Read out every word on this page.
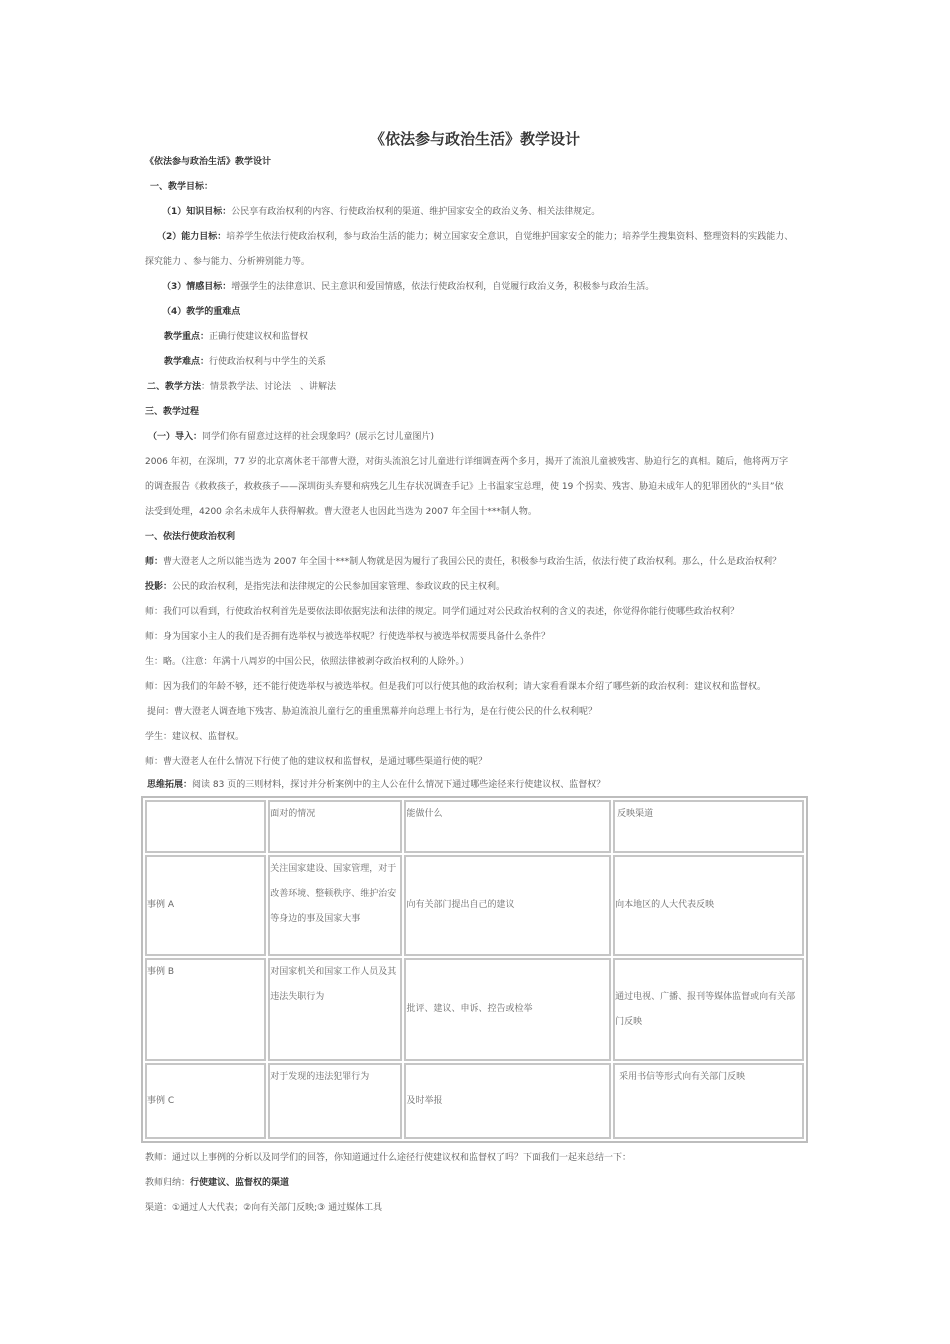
《依法参与政治生活》教学设计
《依法参与政治生活》教学设计
一、教学目标：
（1）知识目标：公民享有政治权利的内容、行使政治权利的渠道、维护国家安全的政治义务、相关法律规定。
（2）能力目标：培养学生依法行使政治权利，参与政治生活的能力；树立国家安全意识，自觉维护国家安全的能力；培养学生搜集资料、整理资料的实践能力、
探究能力 、参与能力、分析辨别能力等。
（3）情感目标：增强学生的法律意识、民主意识和爱国情感，依法行使政治权利，自觉履行政治义务，积极参与政治生活。
（4）教学的重难点
教学重点：正确行使建议权和监督权
教学难点：行使政治权利与中学生的关系
二、教学方法：情景教学法、讨论法　、讲解法
三、教学过程
（一）导入：同学们你有留意过这样的社会现象吗？(展示乞讨儿童图片)
2006 年初，在深圳，77 岁的北京离休老干部曹大澄，对街头流浪乞讨儿童进行详细调查两个多月，揭开了流浪儿童被残害、胁迫行乞的真相。随后，他将两万字
的调查报告《救救孩子，救救孩子——深圳街头弃婴和病残乞儿生存状况调查手记》上书温家宝总理，使 19 个拐卖、残害、胁迫未成年人的犯罪团伙的“头目”依
法受到处理，4200 余名未成年人获得解救。曹大澄老人也因此当选为 2007 年全国十***制人物。
一、依法行使政治权利
师：曹大澄老人之所以能当选为 2007 年全国十***制人物就是因为履行了我国公民的责任，积极参与政治生活，依法行使了政治权利。那么，什么是政治权利？
投影：公民的政治权利，是指宪法和法律规定的公民参加国家管理、参政议政的民主权利。
师：我们可以看到，行使政治权利首先是要依法即依据宪法和法律的规定。同学们通过对公民政治权利的含义的表述，你觉得你能行使哪些政治权利？
师：身为国家小主人的我们是否拥有选举权与被选举权呢？行使选举权与被选举权需要具备什么条件？
生：略。（注意：年满十八周岁的中国公民，依照法律被剥夺政治权利的人除外。）
师：因为我们的年龄不够，还不能行使选举权与被选举权。但是我们可以行使其他的政治权利；请大家看看课本介绍了哪些新的政治权利：建议权和监督权。
提问：曹大澄老人调查地下残害、胁迫流浪儿童行乞的重重黑幕并向总理上书行为，是在行使公民的什么权利呢？
学生：建议权、监督权。
师：曹大澄老人在什么情况下行使了他的建议权和监督权，是通过哪些渠道行使的呢？
思维拓展：阅读 83 页的三则材料，探讨并分析案例中的主人公在什么情况下通过哪些途径来行使建议权、监督权？
	面对的情况	能做什么	反映渠道

事例 A	关注国家建设、国家管理，对于改善环境、整顿秩序、维护治安等身边的事及国家大事	向有关部门提出自己的建议	向本地区的人大代表反映
事例 B	对国家机关和国家工作人员及其违法失职行为	批评、建议、申诉、控告或检举	通过电视、广播、报刊等媒体监督或向有关部门反映

事例 C	对于发现的违法犯罪行为	及时举报	采用书信等形式向有关部门反映
教师：通过以上事例的分析以及同学们的回答，你知道通过什么途径行使建议权和监督权了吗？下面我们一起来总结一下：
教师归纳：行使建议、监督权的渠道
渠道：①通过人大代表；②向有关部门反映;③ 通过媒体工具
